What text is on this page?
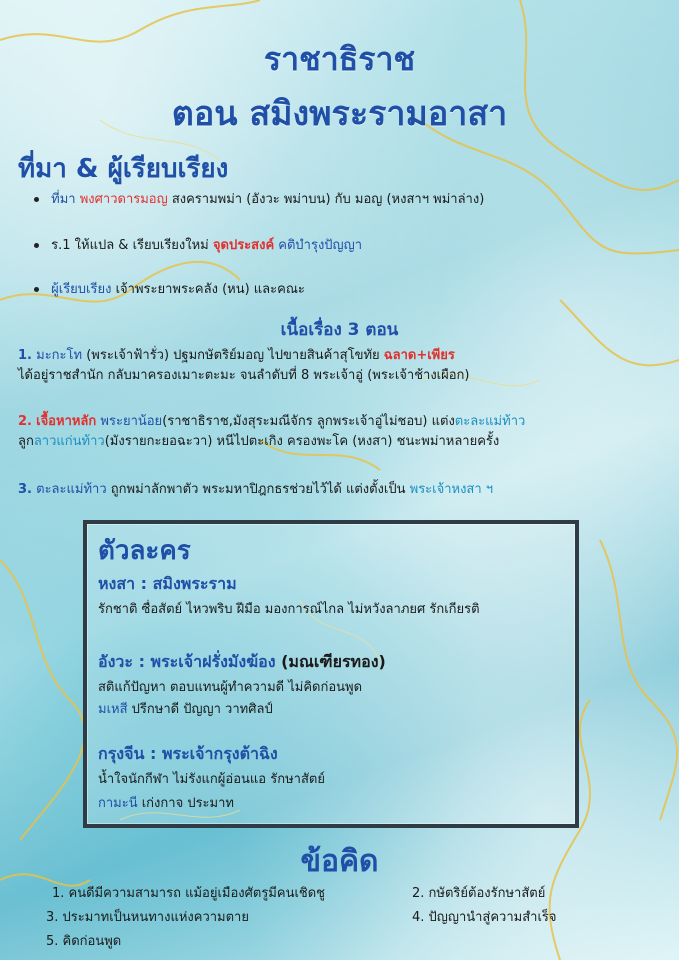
ราชาธิราช
ตอน สมิงพระรามอาสา
ที่มา & ผู้เรียบเรียง
ที่มา พงศาวดารมอญ สงครามพม่า (อังวะ พม่าบน) กับ มอญ (หงสาฯ พม่าล่าง)
ร.1 ให้แปล & เรียบเรียงใหม่ จุดประสงค์ คติบำรุงปัญญา
ผู้เรียบเรียง เจ้าพระยาพระคลัง (หน) และคณะ
เนื้อเรื่อง 3 ตอน
1. มะกะโท (พระเจ้าฟ้ารั่ว) ปฐมกษัตริย์มอญ ไปขายสินค้าสุโขทัย ฉลาด+เพียร
ได้อยู่ราชสำนัก กลับมาครองเมาะตะมะ จนลำดับที่ 8 พระเจ้าอู่ (พระเจ้าช้างเผือก)
2. เจื้อหาหลัก พระยาน้อย(ราชาธิราช,มังสุระมณีจักร ลูกพระเจ้าอู่ไม่ชอบ) แต่งตะละแม่ท้าว
ลูกลาวแก่นท้าว(มังรายกะยอฉะวา) หนีไปตะเกิง ครองพะโค (หงสา) ชนะพม่าหลายครั้ง
3. ตะละแม่ท้าว ถูกพม่าลักพาตัว พระมหาปิฎกธรช่วยไว้ได้ แต่งตั้งเป็น พระเจ้าหงสา ฯ
ตัวละคร
หงสา : สมิงพระราม
รักชาติ ซื่อสัตย์ ไหวพริบ ฝีมือ มองการณ์ไกล ไม่หวังลาภยศ รักเกียรติ
อังวะ : พระเจ้าฝรั่งมังฆ้อง (มณเฑียรทอง)
สติแก้ปัญหา ตอบแทนผู้ทำความดี ไม่คิดก่อนพูด
มเหสี ปรีกษาดี ปัญญา วาทศิลป์
กรุงจีน : พระเจ้ากรุงต้าฉิง
น้ำใจนักกีฬา ไม่รังแกผู้อ่อนแอ รักษาสัตย์
กามะนี เก่งกาจ ประมาท
ข้อคิด
1. คนดีมีความสามารถ แม้อยู่เมืองศัตรูมีคนเชิดชู	2. กษัตริย์ต้องรักษาสัตย์
3. ประมาทเป็นหนทางแห่งความตาย	4. ปัญญานำสู่ความสำเร็จ
5. คิดก่อนพูด
